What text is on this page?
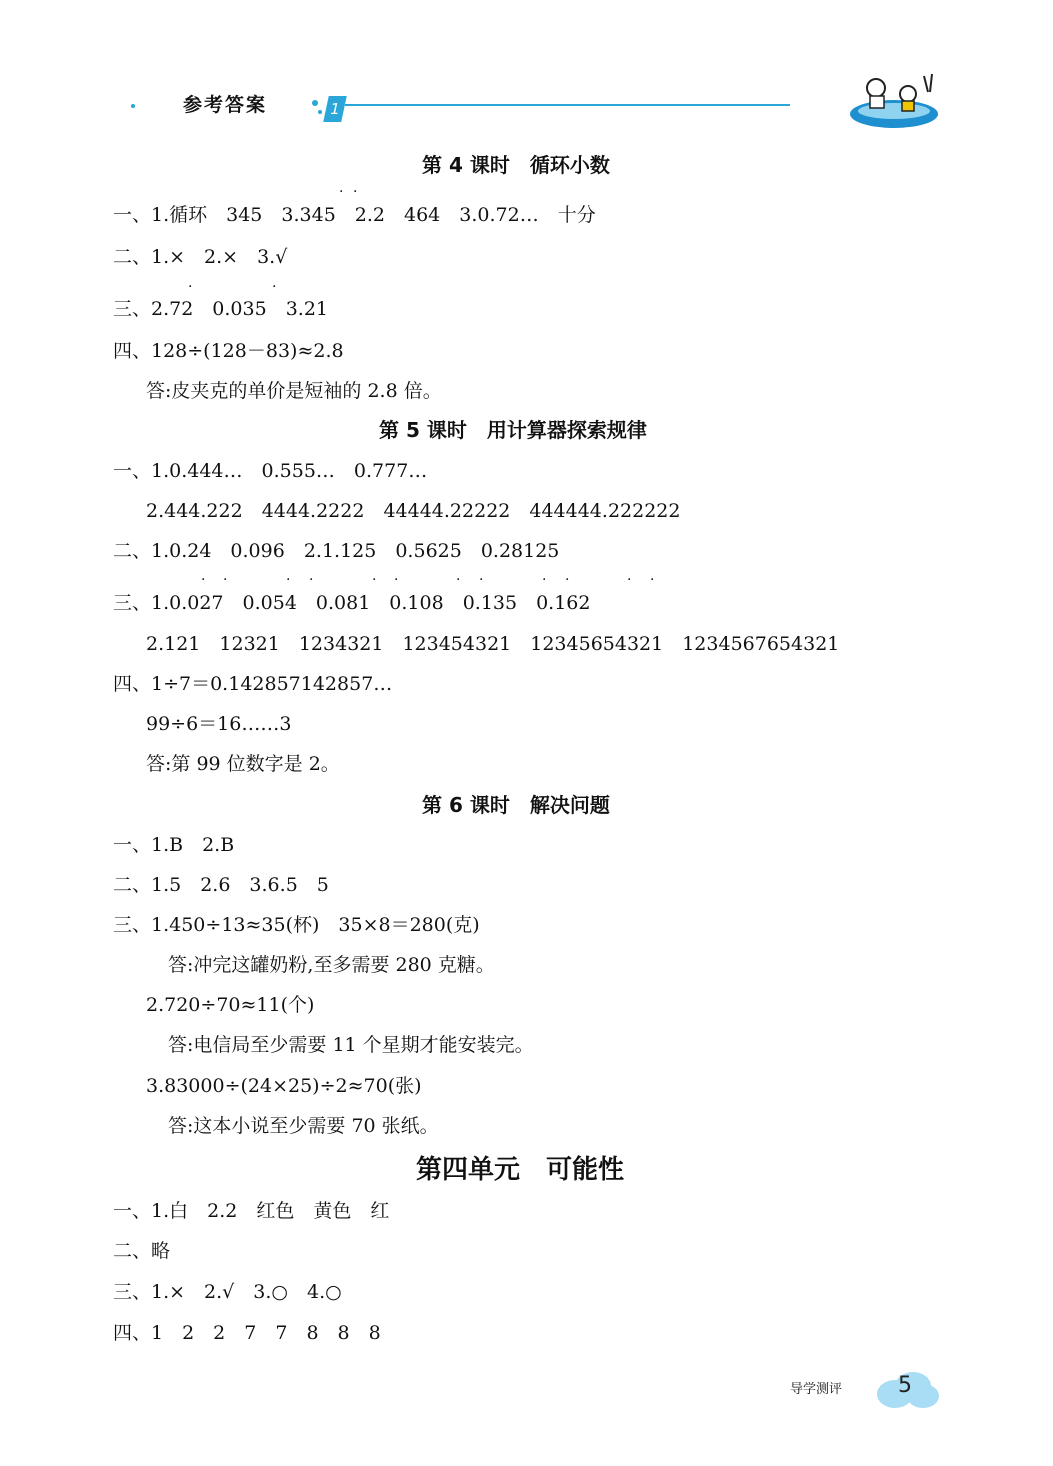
参考答案	1
第 4 课时　循环小数
一、1.循环　345　3.345　2.2　464　3.0.72…　十分
二、1.×　2.×　3.√
三、2.72　0.035　3.21
四、128÷(128－83)≈2.8
答:皮夹克的单价是短袖的 2.8 倍。
第 5 课时　用计算器探索规律
一、1.0.444…　0.555…　0.777…
2.444.222　4444.2222　44444.22222　444444.222222
二、1.0.24　0.096　2.1.125　0.5625　0.28125
三、1.0.027　0.054　0.081　0.108　0.135　0.162
2.121　12321　1234321　123454321　12345654321　1234567654321
四、1÷7＝0.142857142857…
99÷6＝16……3
答:第 99 位数字是 2。
第 6 课时　解决问题
一、1.B　2.B
二、1.5　2.6　3.6.5　5
三、1.450÷13≈35(杯)　35×8＝280(克)
答:冲完这罐奶粉,至多需要 280 克糖。
2.720÷70≈11(个)
答:电信局至少需要 11 个星期才能安装完。
3.83000÷(24×25)÷2≈70(张)
答:这本小说至少需要 70 张纸。
第四单元　可能性
一、1.白　2.2　红色　黄色　红
二、略
三、1.×　2.√　3.○　4.○
四、1　2　2　7　7　8　8　8
· ·
·	·
· ·	· ·	· ·	· ·	· ·	· ·
导学测评	5
